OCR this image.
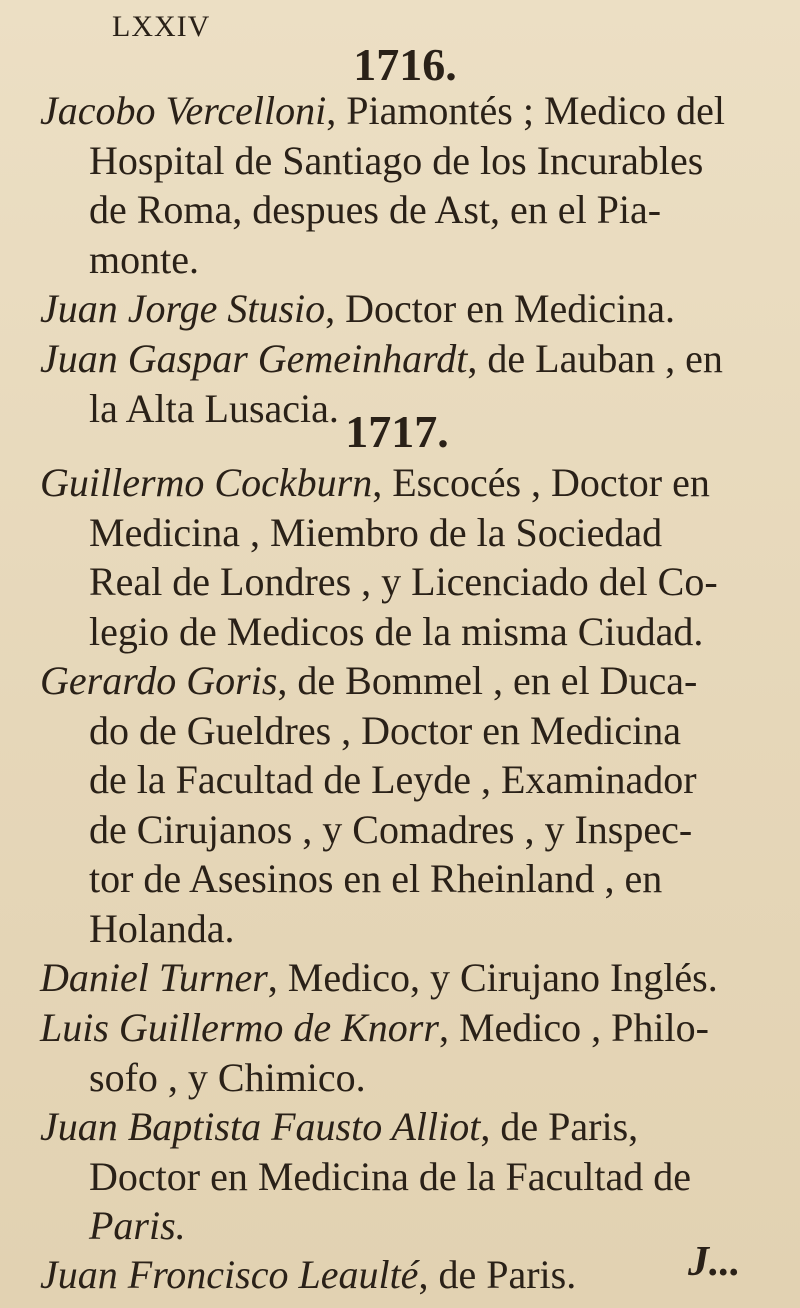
LXXIV
1716.
Jacobo Vercelloni, Piamontés ; Medico del
Hospital de Santiago de los Incurables
de Roma, despues de Ast, en el Pia-
monte.
Juan Jorge Stusio, Doctor en Medicina.
Juan Gaspar Gemeinhardt, de Lauban , en
la Alta Lusacia. 1717.
Guillermo Cockburn, Escocés , Doctor en
Medicina , Miembro de la Sociedad
Real de Londres , y Licenciado del Co-
legio de Medicos de la misma Ciudad.
Gerardo Goris, de Bommel , en el Duca-
do de Gueldres , Doctor en Medicina
de la Facultad de Leyde , Examinador
de Cirujanos , y Comadres , y Inspec-
tor de Asesinos en el Rheinland , en
Holanda.
Daniel Turner, Medico, y Cirujano Inglés.
Luis Guillermo de Knorr, Medico , Philo-
sofo , y Chimico.
Juan Baptista Fausto Alliot, de Paris,
Doctor en Medicina de la Facultad de
Paris.
Juan Froncisco Leaulté, de Paris.	J...
